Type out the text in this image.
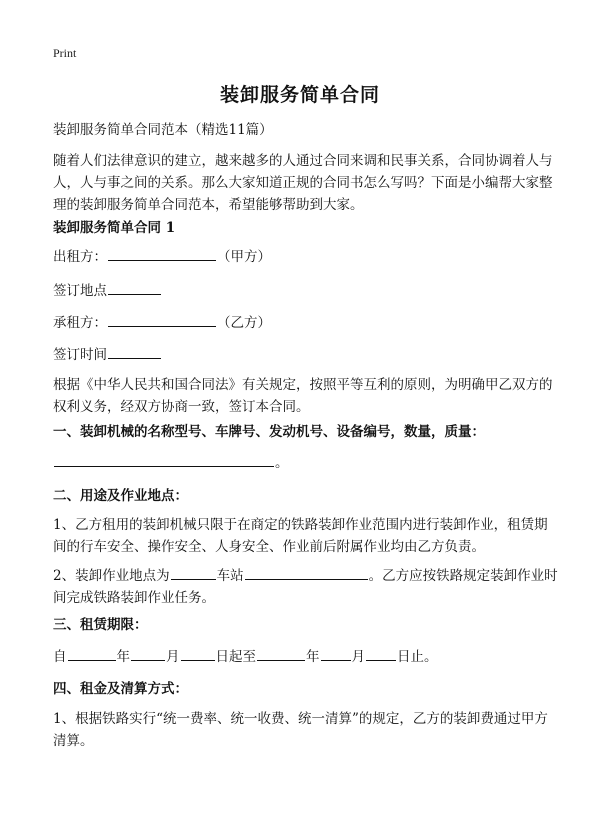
Print
装卸服务简单合同
装卸服务简单合同范本（精选11篇）
随着人们法律意识的建立，越来越多的人通过合同来调和民事关系，合同协调着人与人，人与事之间的关系。那么大家知道正规的合同书怎么写吗？下面是小编帮大家整理的装卸服务简单合同范本，希望能够帮助到大家。
装卸服务简单合同 1
出租方：	（甲方）
签订地点
承租方：	（乙方）
签订时间
根据《中华人民共和国合同法》有关规定，按照平等互利的原则，为明确甲乙双方的权利义务，经双方协商一致，签订本合同。
一、装卸机械的名称型号、车牌号、发动机号、设备编号，数量，质量：
。
二、用途及作业地点：
1、乙方租用的装卸机械只限于在商定的铁路装卸作业范围内进行装卸作业，租赁期间的行车安全、操作安全、人身安全、作业前后附属作业均由乙方负责。
2、装卸作业地点为	车站	。乙方应按铁路规定装卸作业时间完成铁路装卸作业任务。
三、租赁期限：
自	年	月	日起至	年 月 日止。
四、租金及清算方式：
1、根据铁路实行“统一费率、统一收费、统一清算”的规定，乙方的装卸费通过甲方清算。
